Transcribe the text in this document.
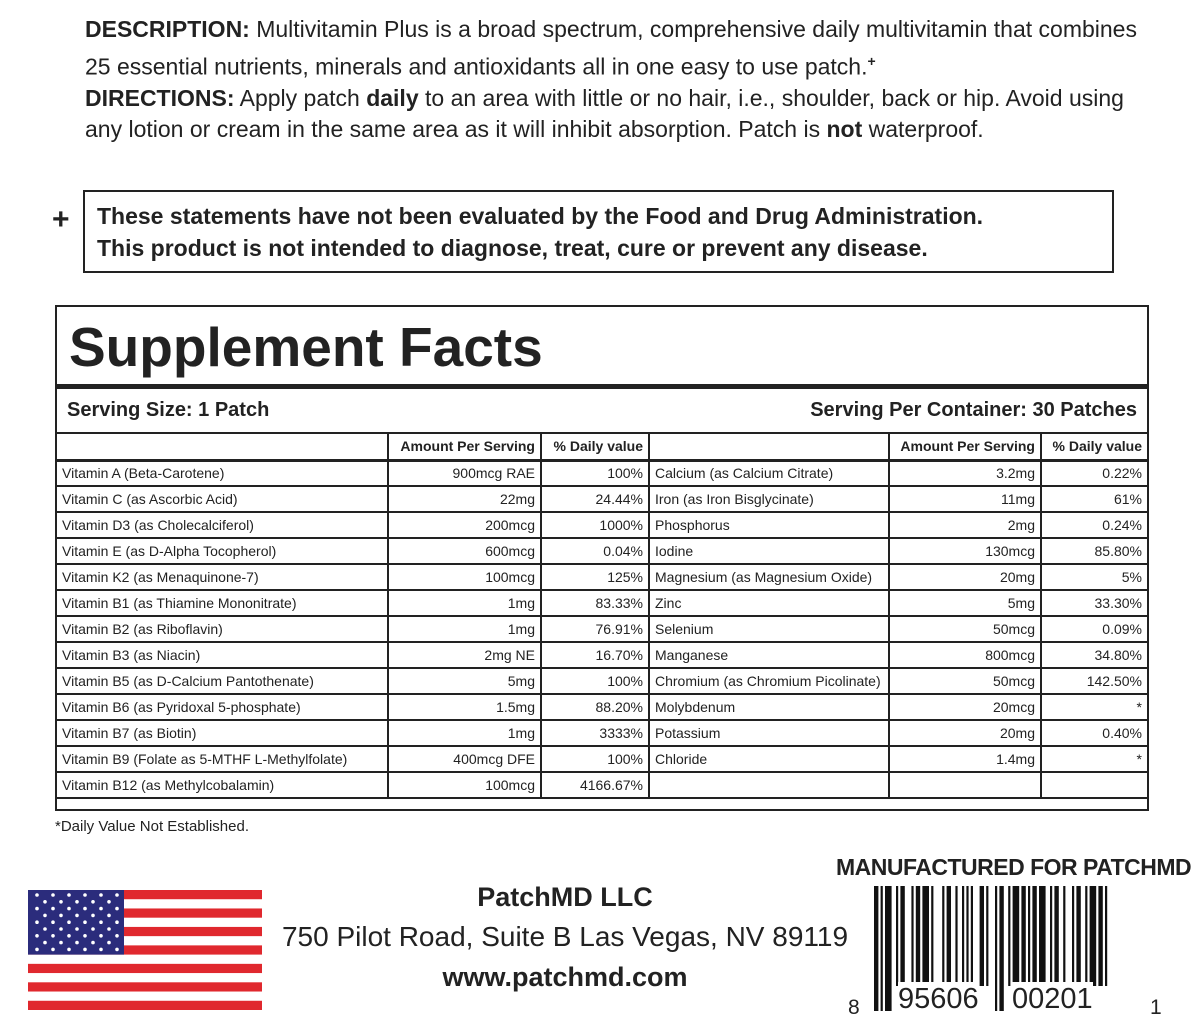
DESCRIPTION: Multivitamin Plus is a broad spectrum, comprehensive daily multivitamin that combines 25 essential nutrients, minerals and antioxidants all in one easy to use patch.+

DIRECTIONS: Apply patch daily to an area with little or no hair, i.e., shoulder, back or hip. Avoid using any lotion or cream in the same area as it will inhibit absorption. Patch is not waterproof.

+ These statements have not been evaluated by the Food and Drug Administration.
This product is not intended to diagnose, treat, cure or prevent any disease.
Supplement Facts
Serving Size: 1 Patch	Serving Per Container: 30 Patches
	Amount Per Serving	% Daily value		Amount Per Serving	% Daily value
Vitamin A (Beta-Carotene)	900mcg RAE	100%	Calcium (as Calcium Citrate)	3.2mg	0.22%
Vitamin C (as Ascorbic Acid)	22mg	24.44%	Iron (as Iron Bisglycinate)	11mg	61%
Vitamin D3 (as Cholecalciferol)	200mcg	1000%	Phosphorus	2mg	0.24%
Vitamin E (as D-Alpha Tocopherol)	600mcg	0.04%	Iodine	130mcg	85.80%
Vitamin K2 (as Menaquinone-7)	100mcg	125%	Magnesium (as Magnesium Oxide)	20mg	5%
Vitamin B1 (as Thiamine Mononitrate)	1mg	83.33%	Zinc	5mg	33.30%
Vitamin B2 (as Riboflavin)	1mg	76.91%	Selenium	50mcg	0.09%
Vitamin B3 (as Niacin)	2mg NE	16.70%	Manganese	800mcg	34.80%
Vitamin B5 (as D-Calcium Pantothenate)	5mg	100%	Chromium (as Chromium Picolinate)	50mcg	142.50%
Vitamin B6 (as Pyridoxal 5-phosphate)	1.5mg	88.20%	Molybdenum	20mcg	*
Vitamin B7 (as Biotin)	1mg	3333%	Potassium	20mg	0.40%
Vitamin B9 (Folate as 5-MTHF L-Methylfolate)	400mcg DFE	100%	Chloride	1.4mg	*
Vitamin B12 (as Methylcobalamin)	100mcg	4166.67%			
*Daily Value Not Established.
PatchMD LLC
750 Pilot Road, Suite B Las Vegas, NV 89119
www.patchmd.com
MANUFACTURED FOR PATCHMD
8 95606 00201	1
